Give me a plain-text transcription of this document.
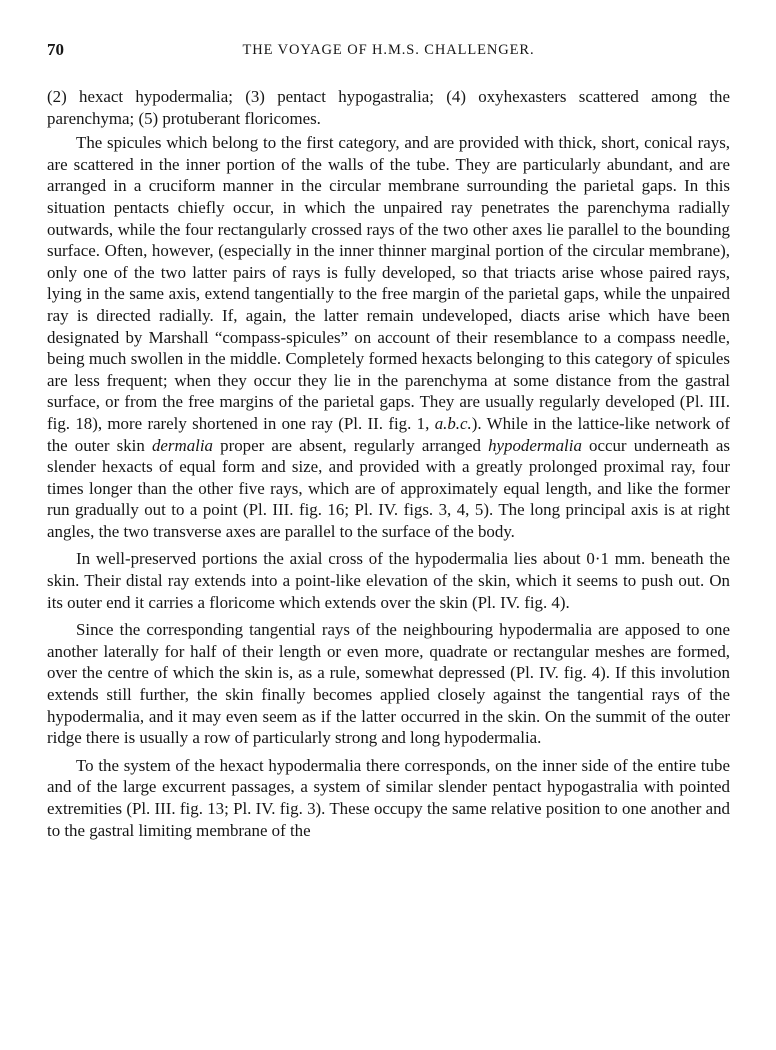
70	THE VOYAGE OF H.M.S. CHALLENGER.

(2) hexact hypodermalia; (3) pentact hypogastralia; (4) oxyhexasters scattered among the parenchyma; (5) protuberant floricomes.

The spicules which belong to the first category, and are provided with thick, short, conical rays, are scattered in the inner portion of the walls of the tube. They are particularly abundant, and are arranged in a cruciform manner in the circular membrane surrounding the parietal gaps. In this situation pentacts chiefly occur, in which the unpaired ray penetrates the parenchyma radially outwards, while the four rectangularly crossed rays of the two other axes lie parallel to the bounding surface. Often, however, (especially in the inner thinner marginal portion of the circular membrane), only one of the two latter pairs of rays is fully developed, so that triacts arise whose paired rays, lying in the same axis, extend tangentially to the free margin of the parietal gaps, while the unpaired ray is directed radially. If, again, the latter remain undeveloped, diacts arise which have been designated by Marshall “compass-spicules” on account of their resemblance to a compass needle, being much swollen in the middle. Completely formed hexacts belonging to this category of spicules are less frequent; when they occur they lie in the parenchyma at some distance from the gastral surface, or from the free margins of the parietal gaps. They are usually regularly developed (Pl. III. fig. 18), more rarely shortened in one ray (Pl. II. fig. 1, a.b.c.). While in the lattice-like network of the outer skin dermalia proper are absent, regularly arranged hypodermalia occur underneath as slender hexacts of equal form and size, and provided with a greatly prolonged proximal ray, four times longer than the other five rays, which are of approximately equal length, and like the former run gradually out to a point (Pl. III. fig. 16; Pl. IV. figs. 3, 4, 5). The long principal axis is at right angles, the two transverse axes are parallel to the surface of the body.

In well-preserved portions the axial cross of the hypodermalia lies about 0·1 mm. beneath the skin. Their distal ray extends into a point-like elevation of the skin, which it seems to push out. On its outer end it carries a floricome which extends over the skin (Pl. IV. fig. 4).

Since the corresponding tangential rays of the neighbouring hypodermalia are apposed to one another laterally for half of their length or even more, quadrate or rectangular meshes are formed, over the centre of which the skin is, as a rule, somewhat depressed (Pl. IV. fig. 4). If this involution extends still further, the skin finally becomes applied closely against the tangential rays of the hypodermalia, and it may even seem as if the latter occurred in the skin. On the summit of the outer ridge there is usually a row of particularly strong and long hypodermalia.

To the system of the hexact hypodermalia there corresponds, on the inner side of the entire tube and of the large excurrent passages, a system of similar slender pentact hypogastralia with pointed extremities (Pl. III. fig. 13; Pl. IV. fig. 3). These occupy the same relative position to one another and to the gastral limiting membrane of the
